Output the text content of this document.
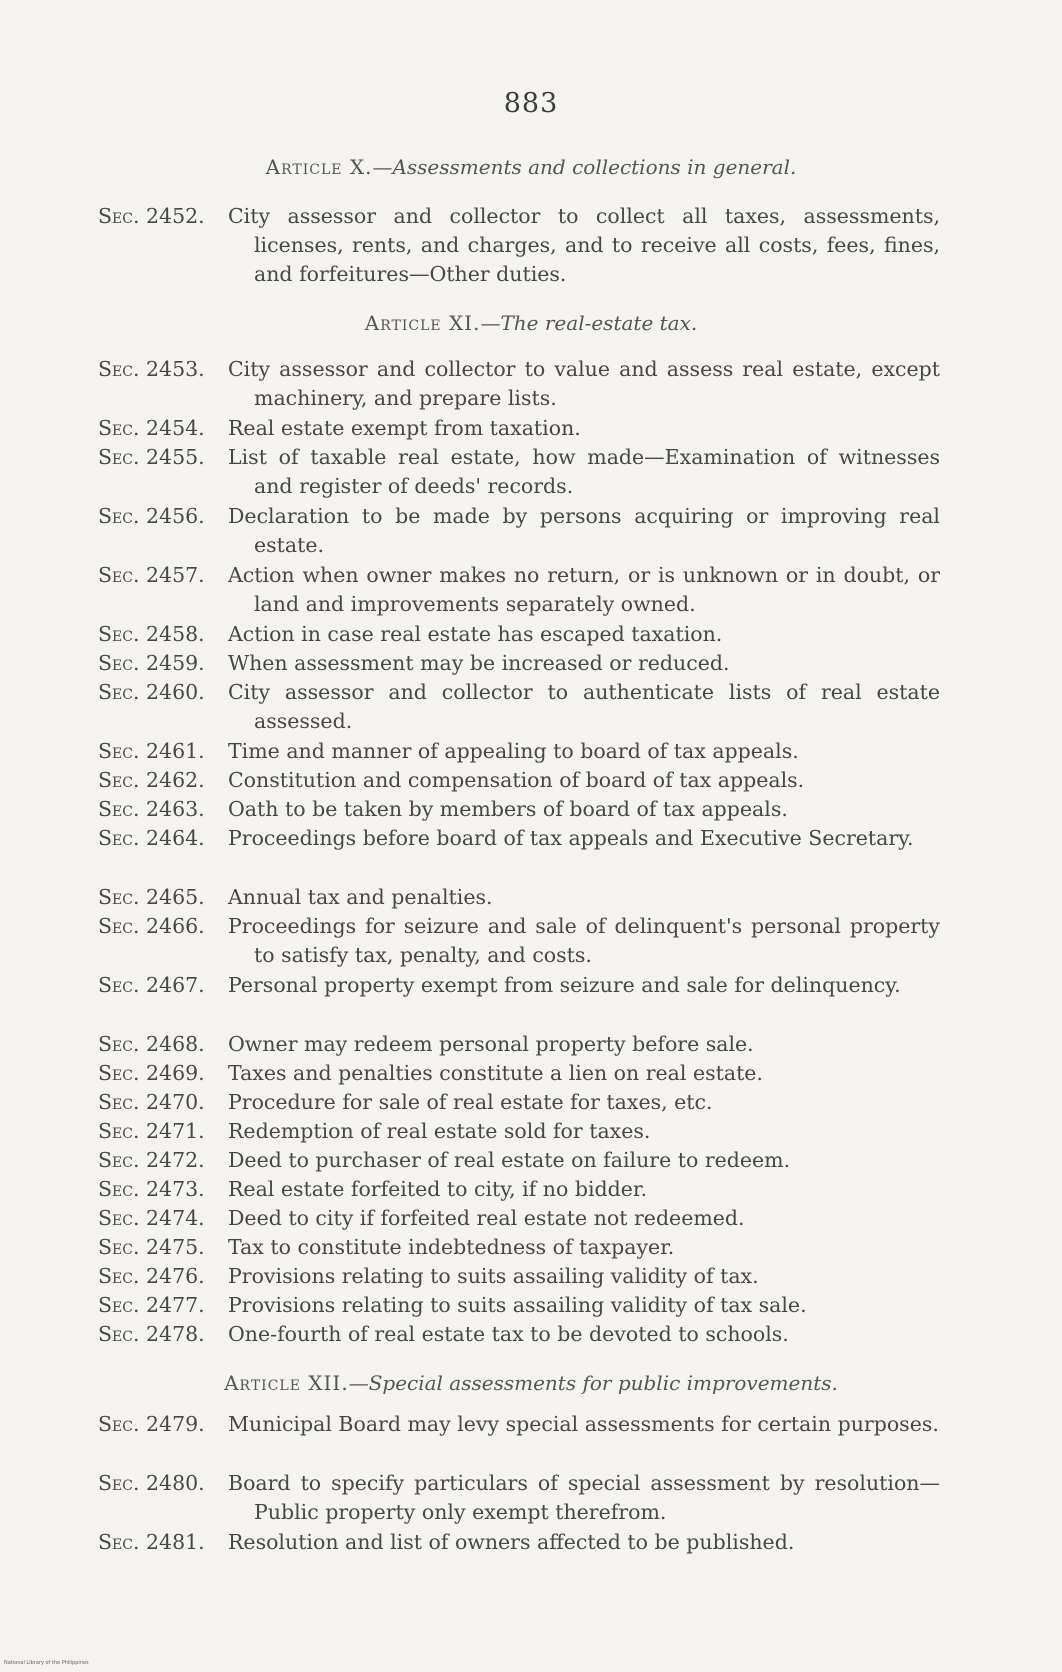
883
Article X.—Assessments and collections in general.
Sec. 2452.	City assessor and collector to collect all taxes, assessments, licenses, rents, and charges, and to receive all costs, fees, fines, and forfeitures—Other duties.
Article XI.—The real-estate tax.
Sec. 2453.	City assessor and collector to value and assess real estate, except machinery, and prepare lists.
Sec. 2454.	Real estate exempt from taxation.
Sec. 2455.	List of taxable real estate, how made—Examination of witnesses and register of deeds' records.
Sec. 2456.	Declaration to be made by persons acquiring or improving real estate.
Sec. 2457.	Action when owner makes no return, or is unknown or in doubt, or land and improvements separately owned.
Sec. 2458.	Action in case real estate has escaped taxation.
Sec. 2459.	When assessment may be increased or reduced.
Sec. 2460.	City assessor and collector to authenticate lists of real estate assessed.
Sec. 2461.	Time and manner of appealing to board of tax appeals.
Sec. 2462.	Constitution and compensation of board of tax appeals.
Sec. 2463.	Oath to be taken by members of board of tax appeals.
Sec. 2464.	Proceedings before board of tax appeals and Executive Secretary.
Sec. 2465.	Annual tax and penalties.
Sec. 2466.	Proceedings for seizure and sale of delinquent's personal property to satisfy tax, penalty, and costs.
Sec. 2467.	Personal property exempt from seizure and sale for delinquency.
Sec. 2468.	Owner may redeem personal property before sale.
Sec. 2469.	Taxes and penalties constitute a lien on real estate.
Sec. 2470.	Procedure for sale of real estate for taxes, etc.
Sec. 2471.	Redemption of real estate sold for taxes.
Sec. 2472.	Deed to purchaser of real estate on failure to redeem.
Sec. 2473.	Real estate forfeited to city, if no bidder.
Sec. 2474.	Deed to city if forfeited real estate not redeemed.
Sec. 2475.	Tax to constitute indebtedness of taxpayer.
Sec. 2476.	Provisions relating to suits assailing validity of tax.
Sec. 2477.	Provisions relating to suits assailing validity of tax sale.
Sec. 2478.	One-fourth of real estate tax to be devoted to schools.
Article XII.—Special assessments for public improvements.
Sec. 2479.	Municipal Board may levy special assessments for certain purposes.
Sec. 2480.	Board to specify particulars of special assessment by resolution—Public property only exempt therefrom.
Sec. 2481.	Resolution and list of owners affected to be published.
National Library of the Philippines
